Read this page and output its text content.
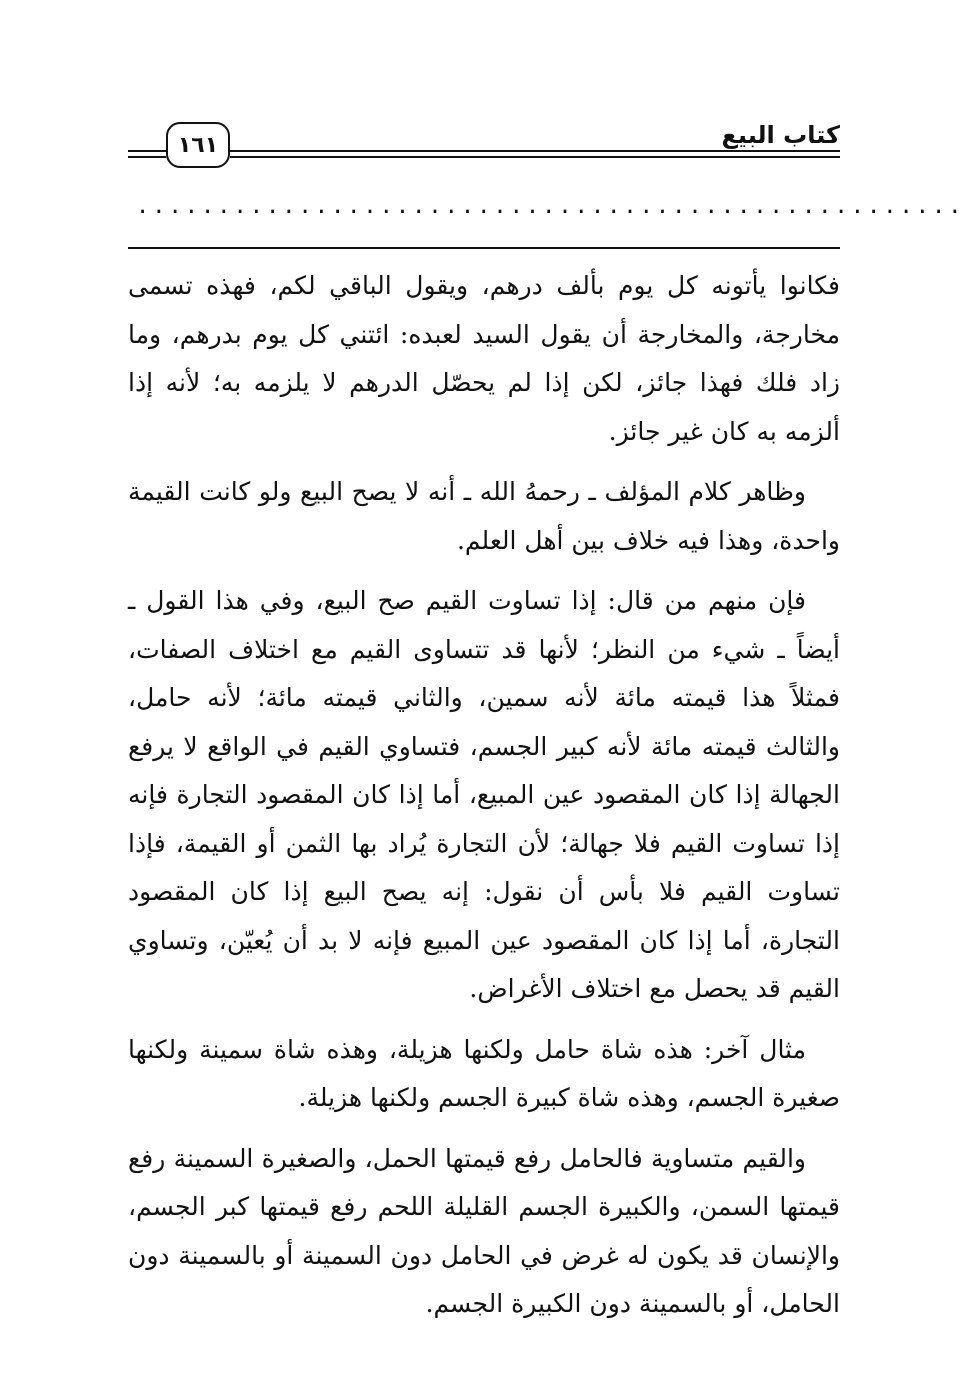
١٦١	كتاب البيع
...................................................

فكانوا يأتونه كل يوم بألف درهم، ويقول الباقي لكم، فهذه تسمى مخارجة، والمخارجة أن يقول السيد لعبده: ائتني كل يوم بدرهم، وما زاد فلك فهذا جائز، لكن إذا لم يحصّل الدرهم لا يلزمه به؛ لأنه إذا ألزمه به كان غير جائز.

وظاهر كلام المؤلف ـ رحمهُ الله ـ أنه لا يصح البيع ولو كانت القيمة واحدة، وهذا فيه خلاف بين أهل العلم.

فإن منهم من قال: إذا تساوت القيم صح البيع، وفي هذا القول ـ أيضاً ـ شيء من النظر؛ لأنها قد تتساوى القيم مع اختلاف الصفات، فمثلاً هذا قيمته مائة لأنه سمين، والثاني قيمته مائة؛ لأنه حامل، والثالث قيمته مائة لأنه كبير الجسم، فتساوي القيم في الواقع لا يرفع الجهالة إذا كان المقصود عين المبيع، أما إذا كان المقصود التجارة فإنه إذا تساوت القيم فلا جهالة؛ لأن التجارة يُراد بها الثمن أو القيمة، فإذا تساوت القيم فلا بأس أن نقول: إنه يصح البيع إذا كان المقصود التجارة، أما إذا كان المقصود عين المبيع فإنه لا بد أن يُعيّن، وتساوي القيم قد يحصل مع اختلاف الأغراض.

مثال آخر: هذه شاة حامل ولكنها هزيلة، وهذه شاة سمينة ولكنها صغيرة الجسم، وهذه شاة كبيرة الجسم ولكنها هزيلة.

والقيم متساوية فالحامل رفع قيمتها الحمل، والصغيرة السمينة رفع قيمتها السمن، والكبيرة الجسم القليلة اللحم رفع قيمتها كبر الجسم، والإنسان قد يكون له غرض في الحامل دون السمينة أو بالسمينة دون الحامل، أو بالسمينة دون الكبيرة الجسم.
